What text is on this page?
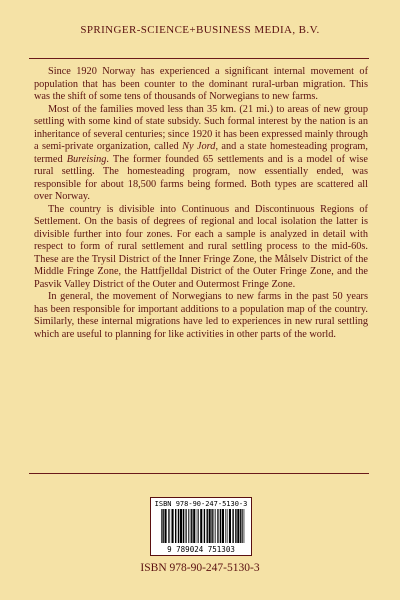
SPRINGER-SCIENCE+BUSINESS MEDIA, B.V.

Since 1920 Norway has experienced a significant internal movement of population that has been counter to the dominant rural-urban migration. This was the shift of some tens of thousands of Norwegians to new farms.

Most of the families moved less than 35 km. (21 mi.) to areas of new group settling with some kind of state subsidy. Such formal interest by the nation is an inheritance of several centuries; since 1920 it has been expressed mainly through a semi-private organization, called Ny Jord, and a state homesteading program, termed Bureising. The former founded 65 settlements and is a model of wise rural settling. The homesteading program, now essentially ended, was responsible for about 18,500 farms being formed. Both types are scattered all over Norway.

The country is divisible into Continuous and Discontinuous Regions of Settlement. On the basis of degrees of regional and local isolation the latter is divisible further into four zones. For each a sample is analyzed in detail with respect to form of rural settlement and rural settling process to the mid-60s. These are the Trysil District of the Inner Fringe Zone, the Målselv District of the Middle Fringe Zone, the Hattfjelldal District of the Outer Fringe Zone, and the Pasvik Valley District of the Outer and Outermost Fringe Zone.

In general, the movement of Norwegians to new farms in the past 50 years has been responsible for important additions to a population map of the country. Similarly, these internal migrations have led to experiences in new rural settling which are useful to planning for like activities in other parts of the world.

ISBN 978-90-247-5130-3
9 789024 751303
ISBN 978-90-247-5130-3
